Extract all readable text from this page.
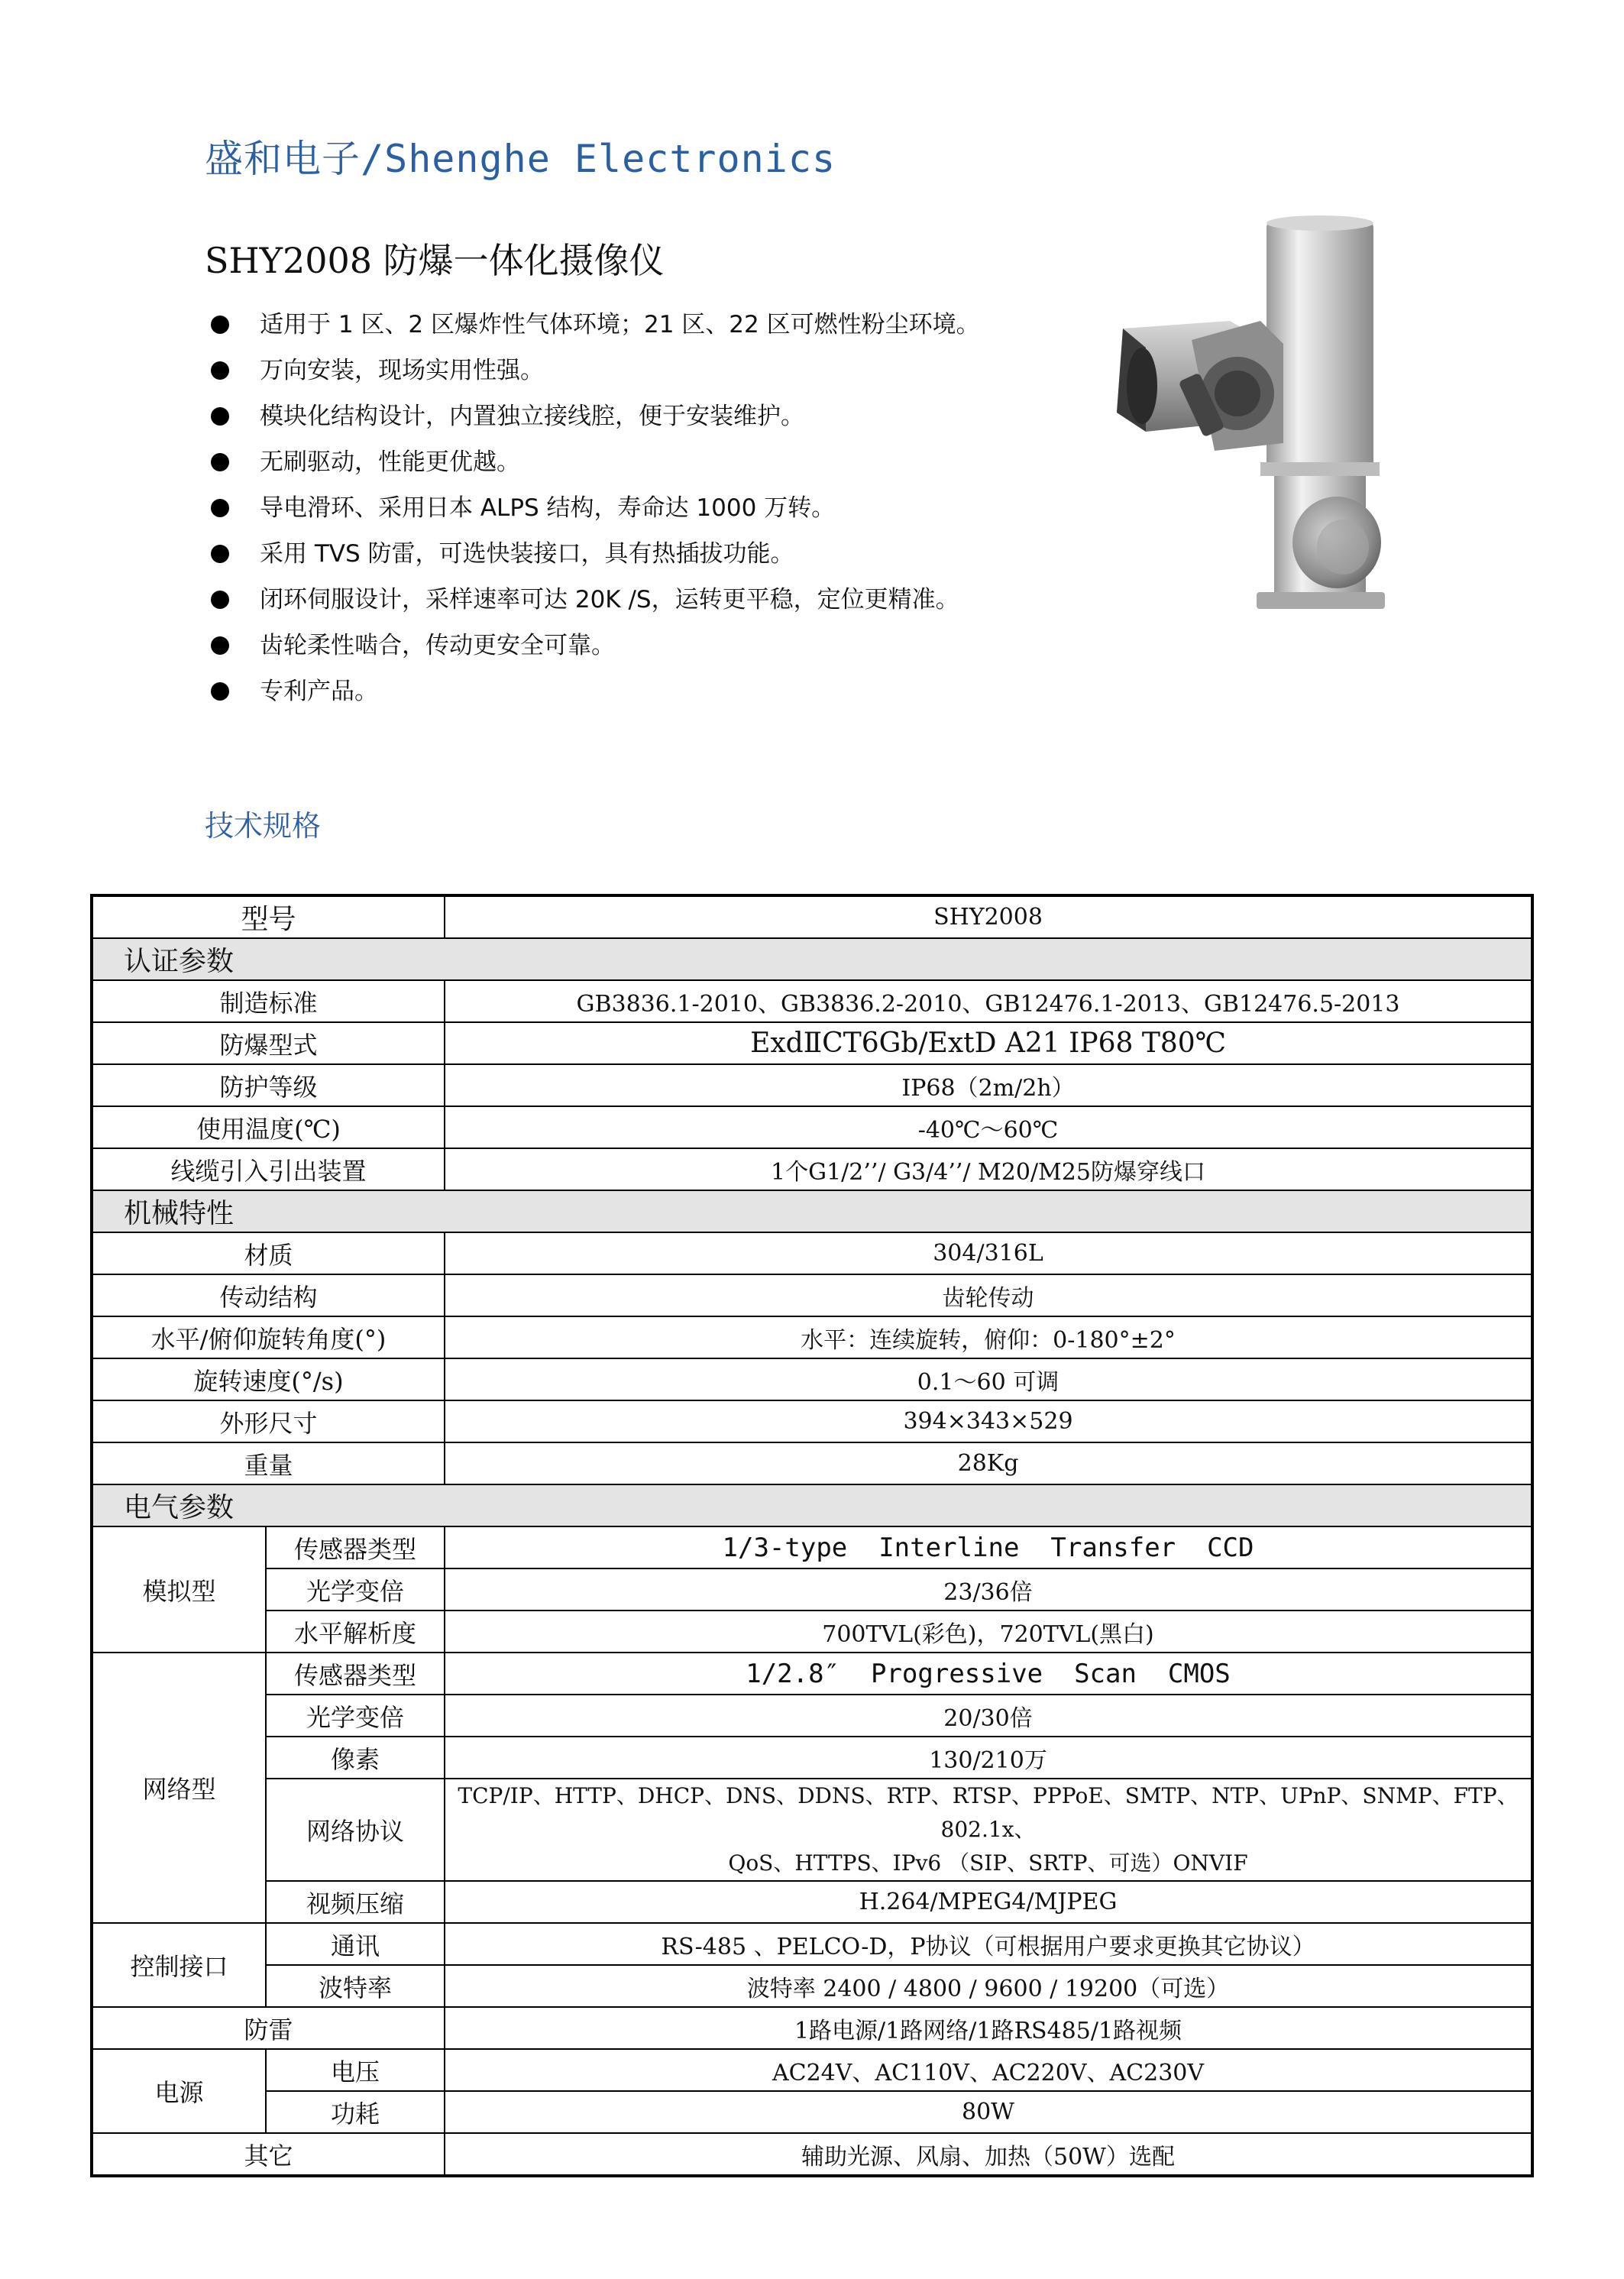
盛和电子/Shenghe Electronics
SHY2008 防爆一体化摄像仪
适用于 1 区、2 区爆炸性气体环境；21 区、22 区可燃性粉尘环境。
万向安装，现场实用性强。
模块化结构设计，内置独立接线腔，便于安装维护。
无刷驱动，性能更优越。
导电滑环、采用日本 ALPS 结构，寿命达 1000 万转。
采用 TVS 防雷，可选快装接口，具有热插拔功能。
闭环伺服设计，采样速率可达 20K /S，运转更平稳，定位更精准。
齿轮柔性啮合，传动更安全可靠。
专利产品。
技术规格
型号		SHY2008
认证参数		
制造标准		GB3836.1-2010、GB3836.2-2010、GB12476.1-2013、GB12476.5-2013
防爆型式		ExdⅡCT6Gb/ExtD A21 IP68 T80℃
防护等级		IP68（2m/2h）
使用温度(℃)		-40℃～60℃
线缆引入引出装置		1个G1/2’’/ G3/4’’/ M20/M25防爆穿线口
机械特性		
材质		304/316L
传动结构		齿轮传动
水平/俯仰旋转角度(°)		水平：连续旋转，俯仰：0-180°±2°
旋转速度(°/s)		0.1～60 可调
外形尺寸		394×343×529
重量		28Kg
电气参数		
模拟型	传感器类型	1/3-type  Interline  Transfer  CCD
	光学变倍	23/36倍
	水平解析度	700TVL(彩色)，720TVL(黑白)
网络型	传感器类型	1/2.8″  Progressive  Scan  CMOS
	光学变倍	20/30倍
	像素	130/210万
	网络协议	TCP/IP、HTTP、DHCP、DNS、DDNS、RTP、RTSP、PPPoE、SMTP、NTP、UPnP、SNMP、FTP、802.1x、
QoS、HTTPS、IPv6 （SIP、SRTP、可选）ONVIF

	视频压缩	H.264/MPEG4/MJPEG
控制接口	通讯	RS-485 、PELCO-D，P协议（可根据用户要求更换其它协议）
	波特率	波特率 2400 / 4800 / 9600 / 19200（可选）
防雷		1路电源/1路网络/1路RS485/1路视频
电源	电压	AC24V、AC110V、AC220V、AC230V
	功耗	80W
其它		辅助光源、风扇、加热（50W）选配
